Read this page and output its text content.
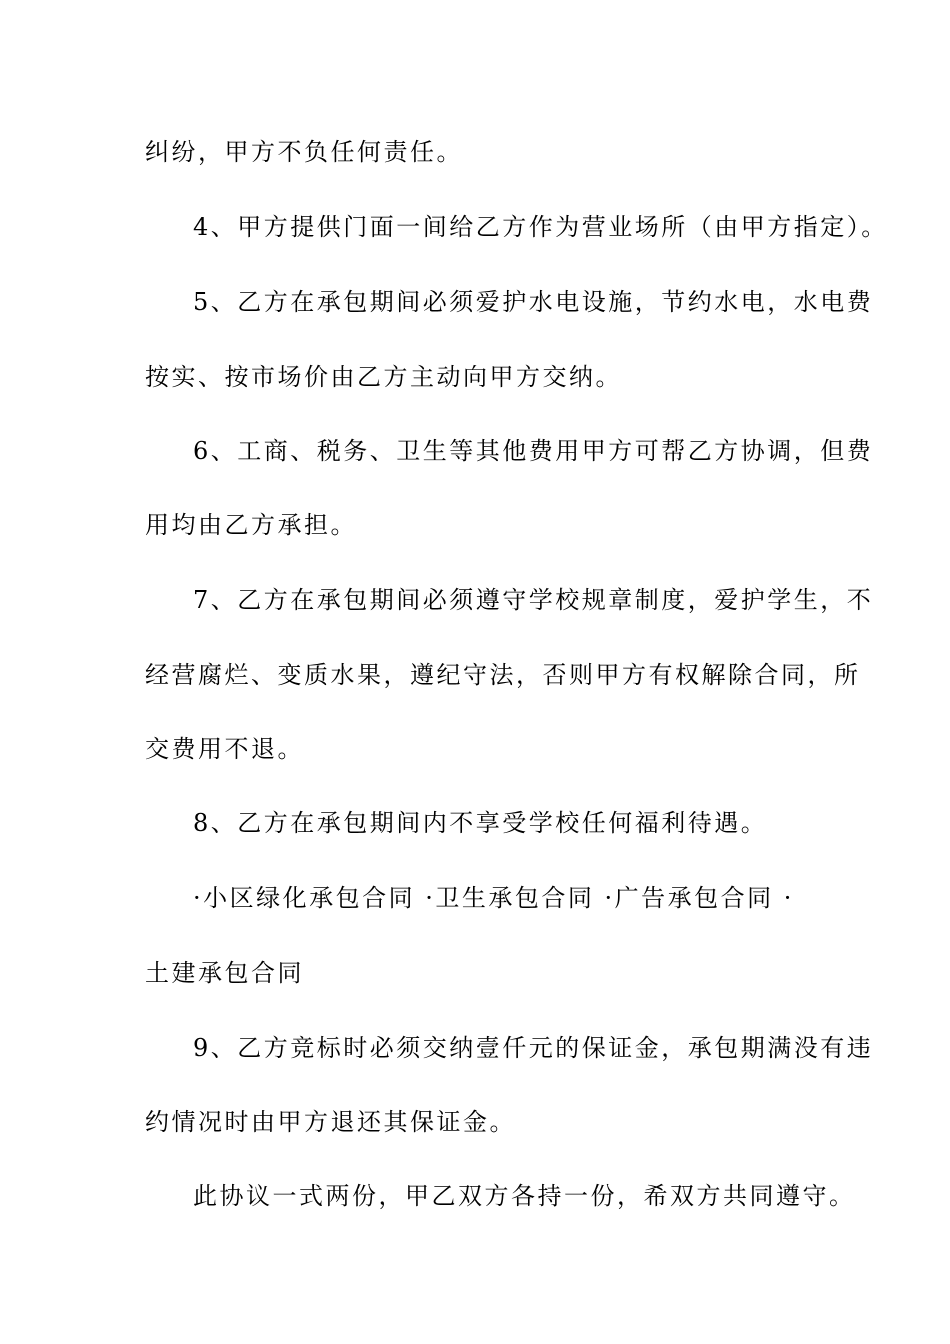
纠纷，甲方不负任何责任。
4、甲方提供门面一间给乙方作为营业场所（由甲方指定）。
5、乙方在承包期间必须爱护水电设施，节约水电，水电费
按实、按市场价由乙方主动向甲方交纳。
6、工商、税务、卫生等其他费用甲方可帮乙方协调，但费
用均由乙方承担。
7、乙方在承包期间必须遵守学校规章制度，爱护学生，不
经营腐烂、变质水果，遵纪守法，否则甲方有权解除合同，所
交费用不退。
8、乙方在承包期间内不享受学校任何福利待遇。
·小区绿化承包合同 ·卫生承包合同 ·广告承包合同 ·
土建承包合同
9、乙方竞标时必须交纳壹仟元的保证金，承包期满没有违
约情况时由甲方退还其保证金。
此协议一式两份，甲乙双方各持一份，希双方共同遵守。
